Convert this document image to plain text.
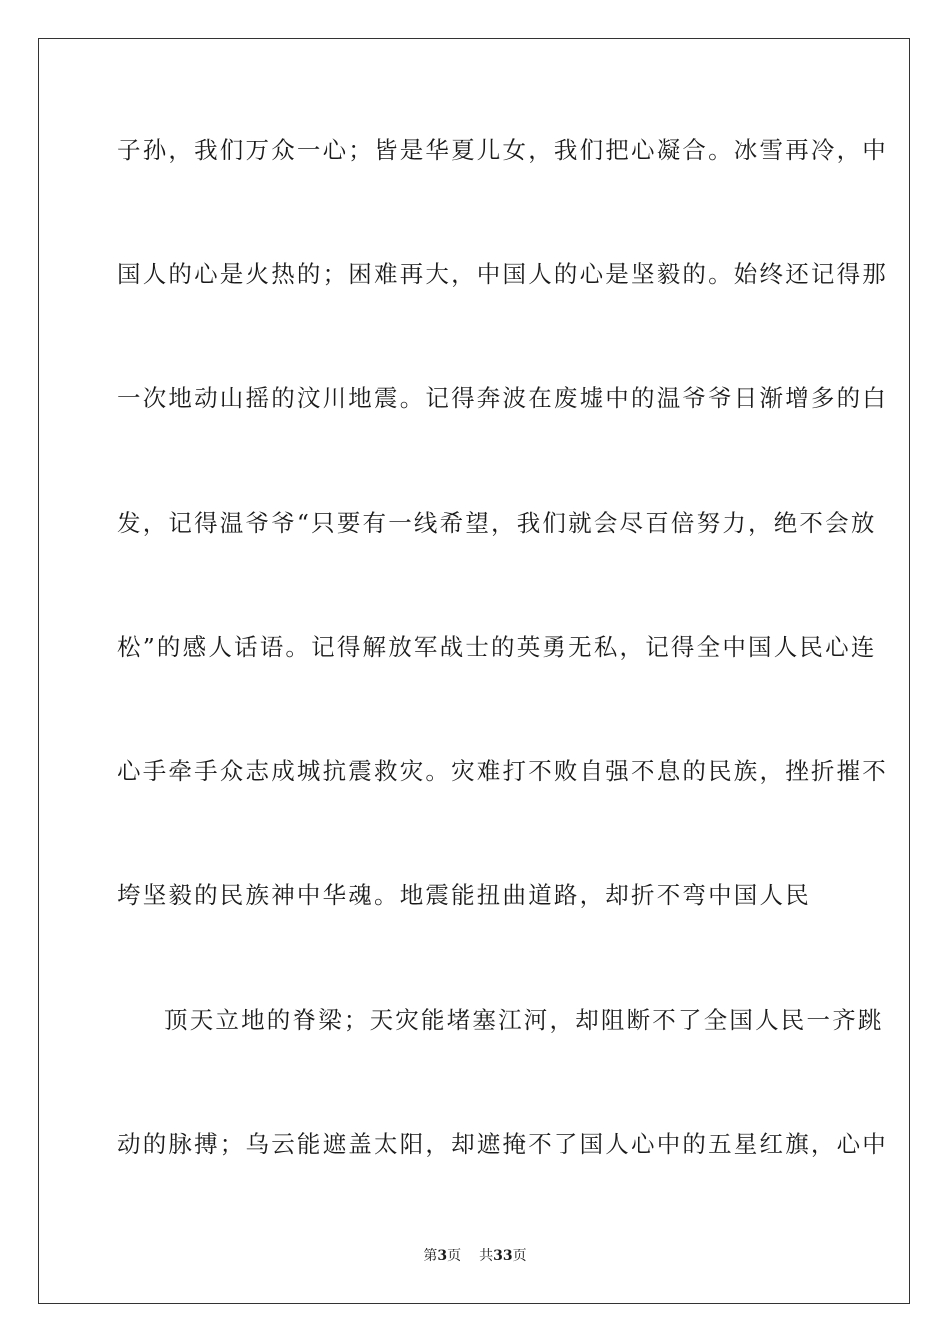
子孙，我们万众一心；皆是华夏儿女，我们把心凝合。冰雪再冷，中
国人的心是火热的；困难再大，中国人的心是坚毅的。始终还记得那
一次地动山摇的汶川地震。记得奔波在废墟中的温爷爷日渐增多的白
发，记得温爷爷“只要有一线希望，我们就会尽百倍努力，绝不会放
松”的感人话语。记得解放军战士的英勇无私，记得全中国人民心连
心手牵手众志成城抗震救灾。灾难打不败自强不息的民族，挫折摧不
垮坚毅的民族神中华魂。地震能扭曲道路，却折不弯中国人民
顶天立地的脊梁；天灾能堵塞江河，却阻断不了全国人民一齐跳
动的脉搏；乌云能遮盖太阳，却遮掩不了国人心中的五星红旗，心中
第3页 共33页
